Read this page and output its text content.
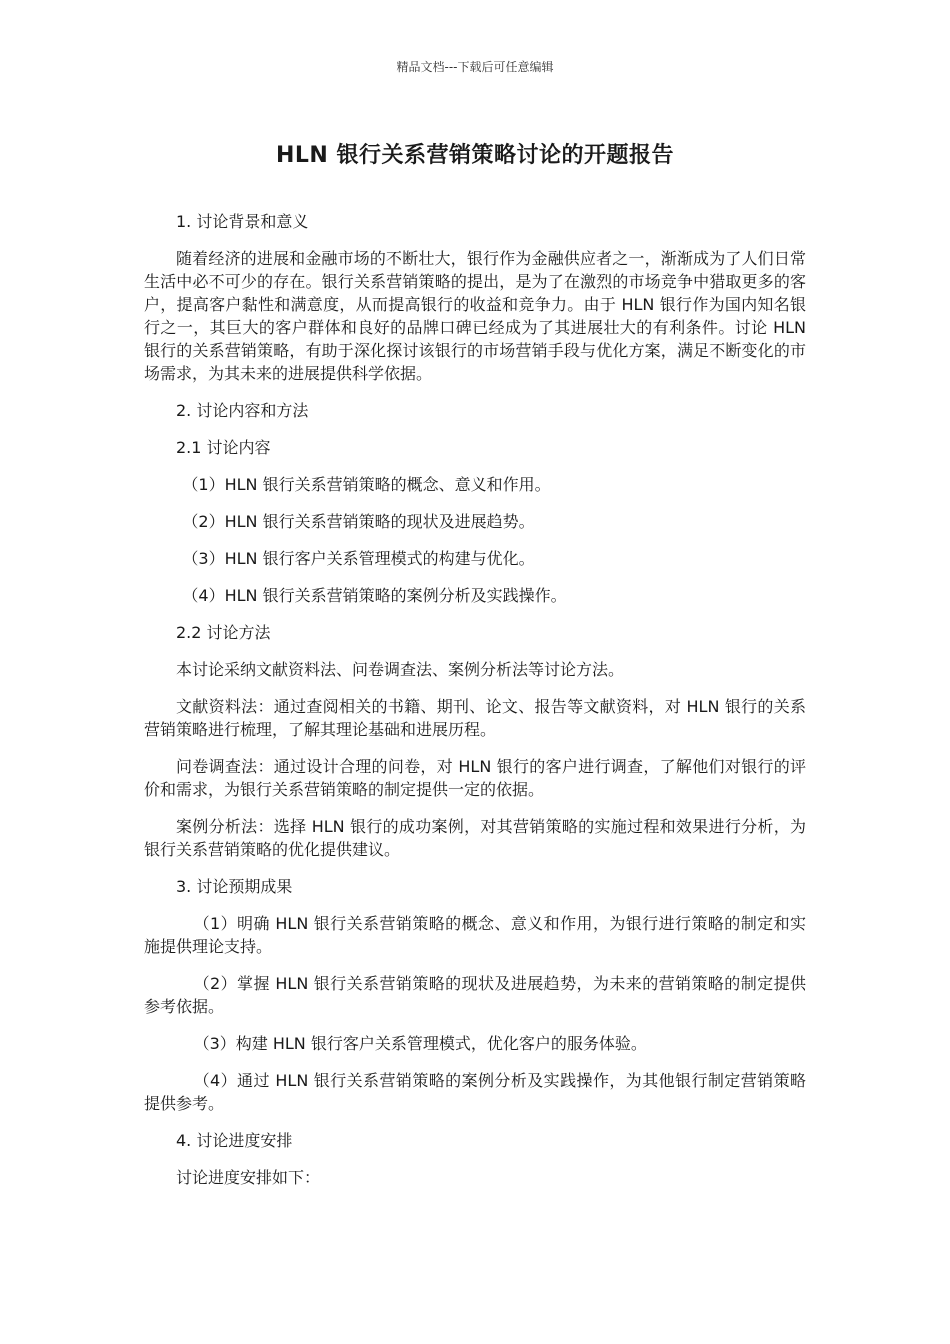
精品文档---下载后可任意编辑
HLN 银行关系营销策略讨论的开题报告

1. 讨论背景和意义

随着经济的进展和金融市场的不断壮大，银行作为金融供应者之一，渐渐成为了人们日常生活中必不可少的存在。银行关系营销策略的提出，是为了在激烈的市场竞争中猎取更多的客户，提高客户黏性和满意度，从而提高银行的收益和竞争力。由于 HLN 银行作为国内知名银行之一，其巨大的客户群体和良好的品牌口碑已经成为了其进展壮大的有利条件。讨论 HLN 银行的关系营销策略，有助于深化探讨该银行的市场营销手段与优化方案，满足不断变化的市场需求，为其未来的进展提供科学依据。

2. 讨论内容和方法

2.1 讨论内容

（1）HLN 银行关系营销策略的概念、意义和作用。

（2）HLN 银行关系营销策略的现状及进展趋势。

（3）HLN 银行客户关系管理模式的构建与优化。

（4）HLN 银行关系营销策略的案例分析及实践操作。

2.2 讨论方法

本讨论采纳文献资料法、问卷调查法、案例分析法等讨论方法。

文献资料法：通过查阅相关的书籍、期刊、论文、报告等文献资料，对 HLN 银行的关系营销策略进行梳理，了解其理论基础和进展历程。

问卷调查法：通过设计合理的问卷，对 HLN 银行的客户进行调查，了解他们对银行的评价和需求，为银行关系营销策略的制定提供一定的依据。

案例分析法：选择 HLN 银行的成功案例，对其营销策略的实施过程和效果进行分析，为银行关系营销策略的优化提供建议。

3. 讨论预期成果

（1）明确 HLN 银行关系营销策略的概念、意义和作用，为银行进行策略的制定和实施提供理论支持。

（2）掌握 HLN 银行关系营销策略的现状及进展趋势，为未来的营销策略的制定提供参考依据。

（3）构建 HLN 银行客户关系管理模式，优化客户的服务体验。

（4）通过 HLN 银行关系营销策略的案例分析及实践操作，为其他银行制定营销策略提供参考。

4. 讨论进度安排

讨论进度安排如下：
